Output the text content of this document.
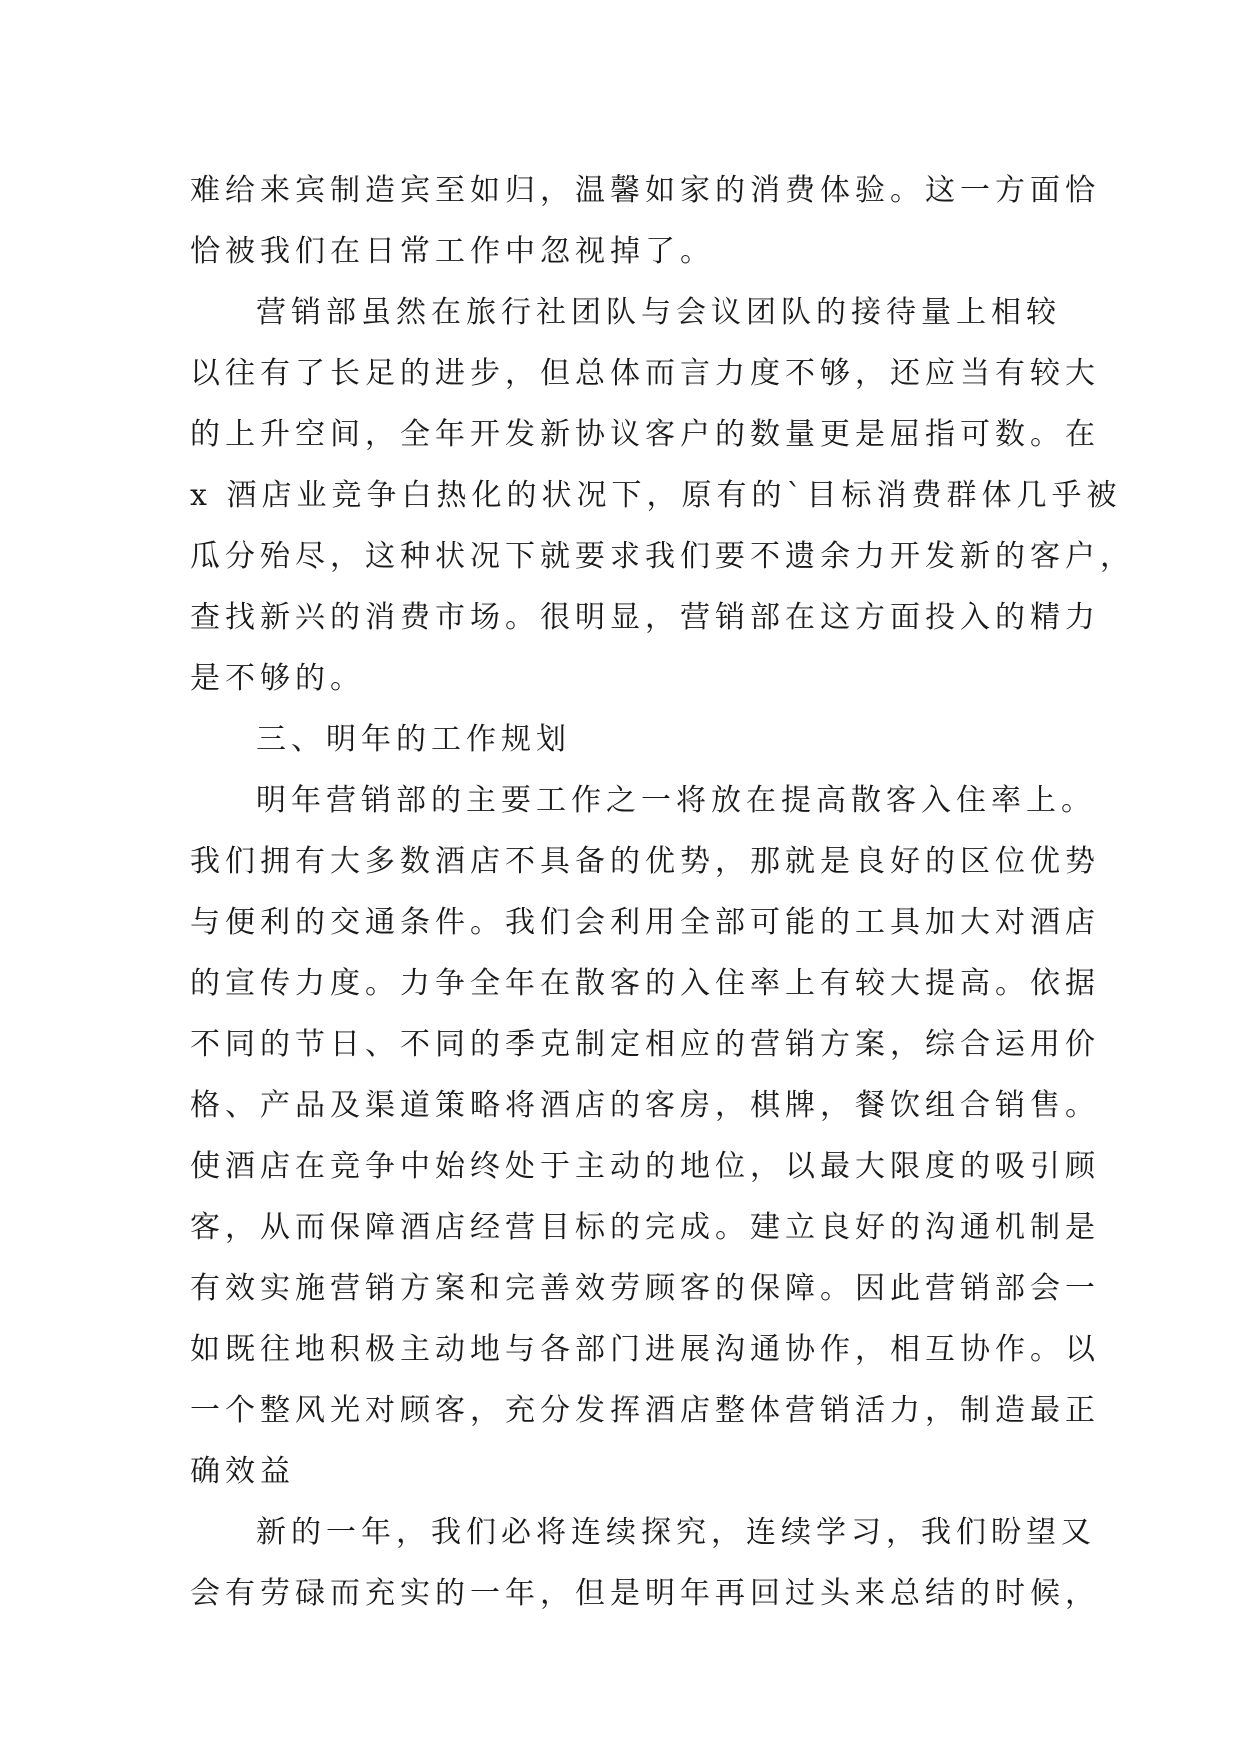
难给来宾制造宾至如归，温馨如家的消费体验。这一方面恰
恰被我们在日常工作中忽视掉了。
营销部虽然在旅行社团队与会议团队的接待量上相较
以往有了长足的进步，但总体而言力度不够，还应当有较大
的上升空间，全年开发新协议客户的数量更是屈指可数。在
x 酒店业竞争白热化的状况下，原有的`目标消费群体几乎被
瓜分殆尽，这种状况下就要求我们要不遗余力开发新的客户，
查找新兴的消费市场。很明显，营销部在这方面投入的精力
是不够的。
三、明年的工作规划
明年营销部的主要工作之一将放在提高散客入住率上。
我们拥有大多数酒店不具备的优势，那就是良好的区位优势
与便利的交通条件。我们会利用全部可能的工具加大对酒店
的宣传力度。力争全年在散客的入住率上有较大提高。依据
不同的节日、不同的季克制定相应的营销方案，综合运用价
格、产品及渠道策略将酒店的客房，棋牌，餐饮组合销售。
使酒店在竞争中始终处于主动的地位，以最大限度的吸引顾
客，从而保障酒店经营目标的完成。建立良好的沟通机制是
有效实施营销方案和完善效劳顾客的保障。因此营销部会一
如既往地积极主动地与各部门进展沟通协作，相互协作。以
一个整风光对顾客，充分发挥酒店整体营销活力，制造最正
确效益
新的一年，我们必将连续探究，连续学习，我们盼望又
会有劳碌而充实的一年，但是明年再回过头来总结的时候，
